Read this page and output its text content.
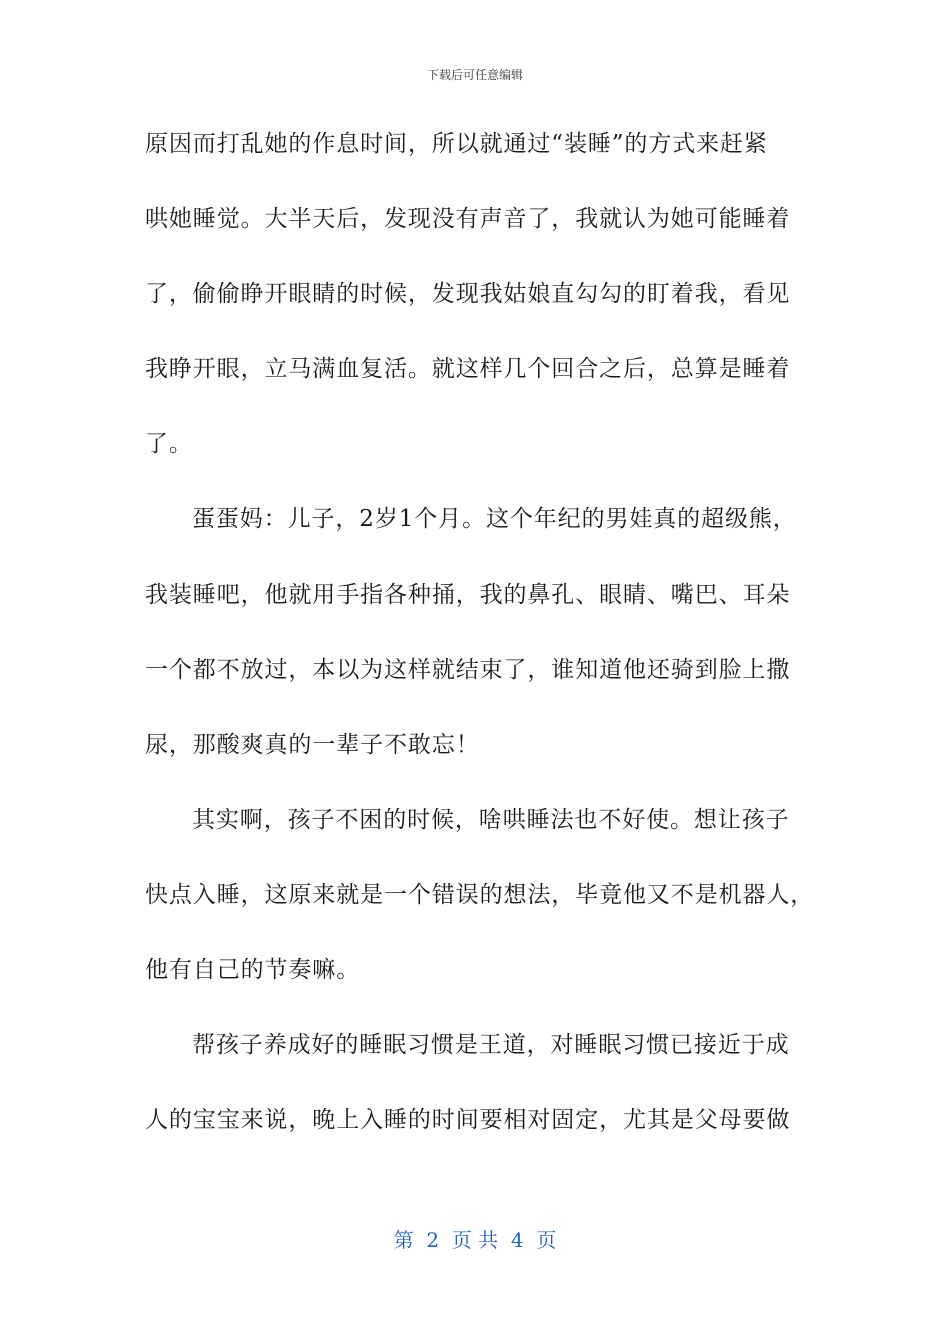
下载后可任意编辑
原因而打乱她的作息时间，所以就通过“装睡”的方式来赶紧
哄她睡觉。大半天后，发现没有声音了，我就认为她可能睡着
了，偷偷睁开眼睛的时候，发现我姑娘直勾勾的盯着我，看见
我睁开眼，立马满血复活。就这样几个回合之后，总算是睡着
了。
蛋蛋妈：儿子，2岁1个月。这个年纪的男娃真的超级熊，
我装睡吧，他就用手指各种捅，我的鼻孔、眼睛、嘴巴、耳朵
一个都不放过，本以为这样就结束了，谁知道他还骑到脸上撒
尿，那酸爽真的一辈子不敢忘！
其实啊，孩子不困的时候，啥哄睡法也不好使。想让孩子
快点入睡，这原来就是一个错误的想法，毕竟他又不是机器人，
他有自己的节奏嘛。
帮孩子养成好的睡眠习惯是王道，对睡眠习惯已接近于成
人的宝宝来说，晚上入睡的时间要相对固定，尤其是父母要做
第  2  页 共  4  页
